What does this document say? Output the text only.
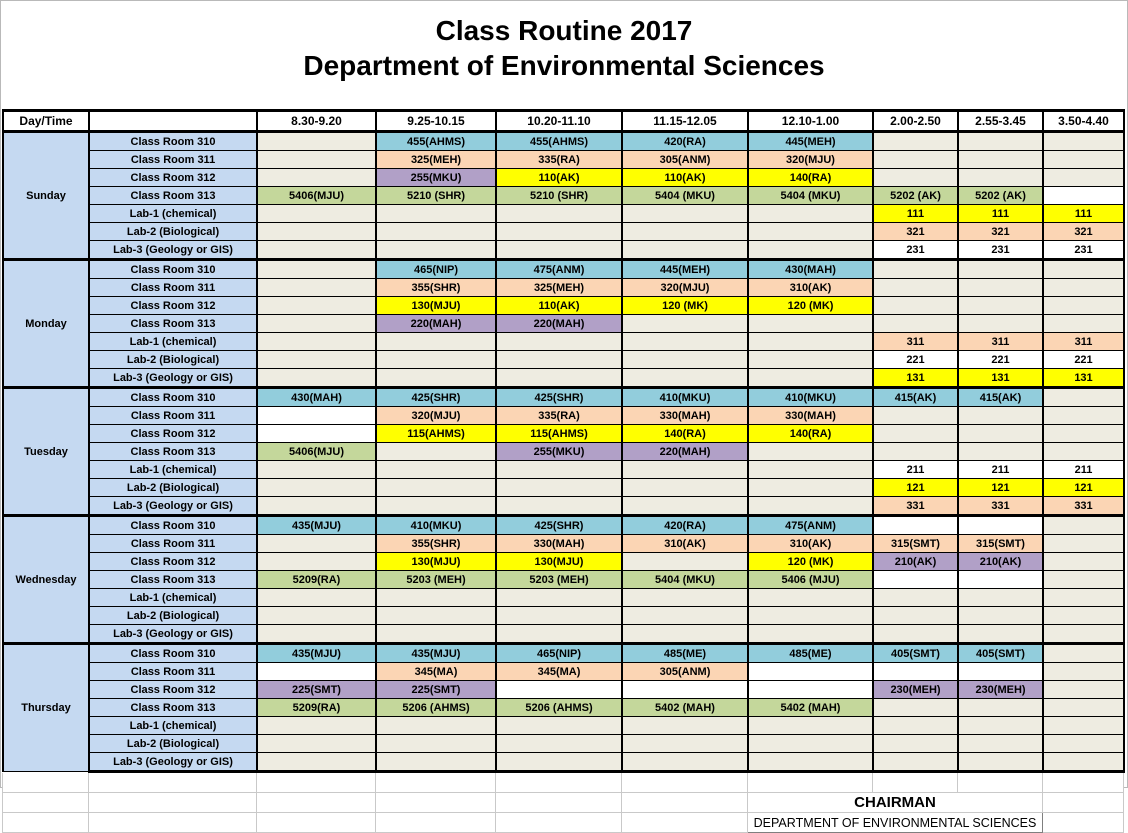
Class Routine 2017
Department of Environmental Sciences
Day/Time		8.30-9.20	9.25-10.15	10.20-11.10	11.15-12.05	12.10-1.00	2.00-2.50	2.55-3.45	3.50-4.40
Sunday	Class Room 310		455(AHMS)	455(AHMS)	420(RA)	445(MEH)			
	Class Room 311		325(MEH)	335(RA)	305(ANM)	320(MJU)			
	Class Room 312		255(MKU)	110(AK)	110(AK)	140(RA)			
	Class Room 313	5406(MJU)	5210 (SHR)	5210 (SHR)	5404 (MKU)	5404 (MKU)	5202 (AK)	5202 (AK)	
	Lab-1 (chemical)						111	111	111
	Lab-2 (Biological)						321	321	321
	Lab-3 (Geology or GIS)						231	231	231
Monday	Class Room 310		465(NIP)	475(ANM)	445(MEH)	430(MAH)			
	Class Room 311		355(SHR)	325(MEH)	320(MJU)	310(AK)			
	Class Room 312		130(MJU)	110(AK)	120 (MK)	120 (MK)			
	Class Room 313		220(MAH)	220(MAH)					
	Lab-1 (chemical)						311	311	311
	Lab-2 (Biological)						221	221	221
	Lab-3 (Geology or GIS)						131	131	131
Tuesday	Class Room 310	430(MAH)	425(SHR)	425(SHR)	410(MKU)	410(MKU)	415(AK)	415(AK)	
	Class Room 311		320(MJU)	335(RA)	330(MAH)	330(MAH)			
	Class Room 312		115(AHMS)	115(AHMS)	140(RA)	140(RA)			
	Class Room 313	5406(MJU)		255(MKU)	220(MAH)				
	Lab-1 (chemical)						211	211	211
	Lab-2 (Biological)						121	121	121
	Lab-3 (Geology or GIS)						331	331	331
Wednesday	Class Room 310	435(MJU)	410(MKU)	425(SHR)	420(RA)	475(ANM)			
	Class Room 311		355(SHR)	330(MAH)	310(AK)	310(AK)	315(SMT)	315(SMT)	
	Class Room 312		130(MJU)	130(MJU)		120 (MK)	210(AK)	210(AK)	
	Class Room 313	5209(RA)	5203 (MEH)	5203 (MEH)	5404 (MKU)	5406 (MJU)			
	Lab-1 (chemical)								
	Lab-2 (Biological)								
	Lab-3 (Geology or GIS)								
Thursday	Class Room 310	435(MJU)	435(MJU)	465(NIP)	485(ME)	485(ME)	405(SMT)	405(SMT)	
	Class Room 311		345(MA)	345(MA)	305(ANM)				
	Class Room 312	225(SMT)	225(SMT)				230(MEH)	230(MEH)	
	Class Room 313	5209(RA)	5206 (AHMS)	5206 (AHMS)	5402 (MAH)	5402 (MAH)			
	Lab-1 (chemical)								
	Lab-2 (Biological)								
	Lab-3 (Geology or GIS)								

						CHAIRMAN			
						DEPARTMENT OF ENVIRONMENTAL SCIENCES			
